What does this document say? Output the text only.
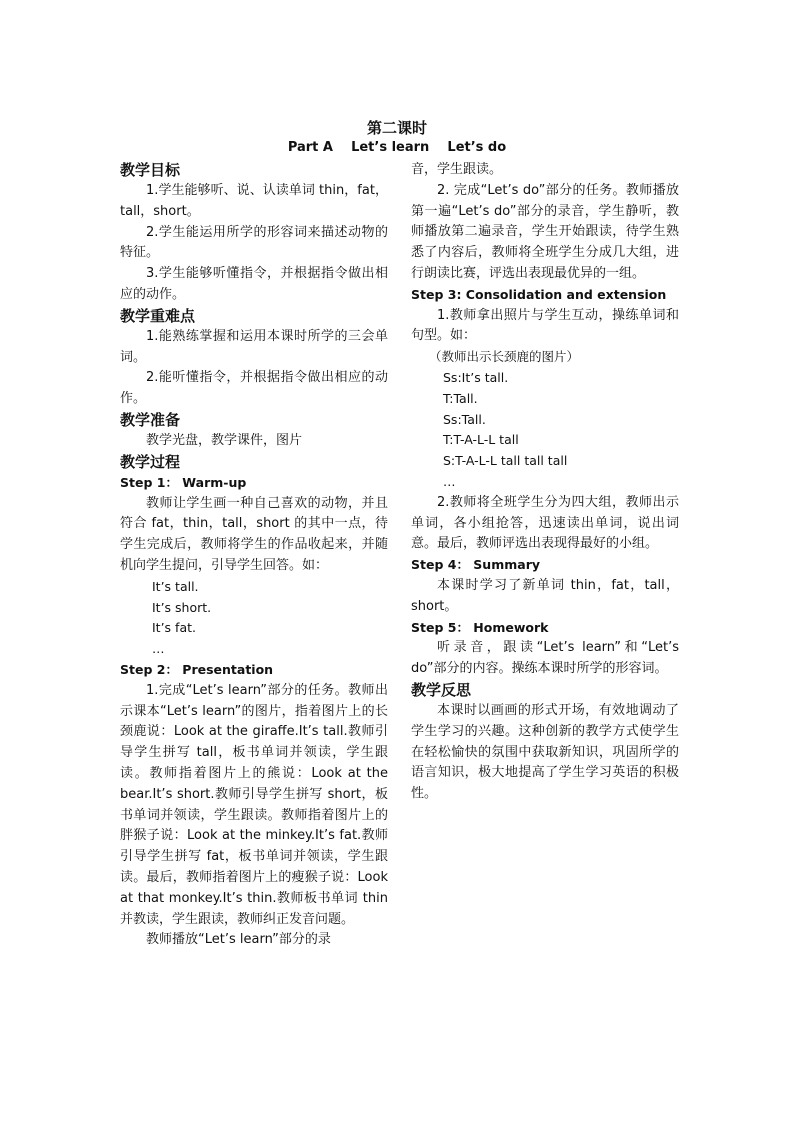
第二课时
Part A    Let’s learn    Let’s do
教学目标

1.学生能够听、说、认读单词 thin，fat，tall，short。

2.学生能运用所学的形容词来描述动物的特征。

3.学生能够听懂指令，并根据指令做出相应的动作。

教学重难点

1.能熟练掌握和运用本课时所学的三会单词。

2.能听懂指令，并根据指令做出相应的动作。

教学准备

教学光盘，教学课件，图片

教学过程
Step 1： Warm-up

教师让学生画一种自己喜欢的动物，并且符合 fat，thin，tall，short 的其中一点，待学生完成后，教师将学生的作品收起来，并随机向学生提问，引导学生回答。如：

It’s tall.

It’s short.

It’s fat.

…

Step 2： Presentation

1.完成“Let’s learn”部分的任务。教师出示课本“Let’s learn”的图片，指着图片上的长颈鹿说：Look at the giraffe.It’s tall.教师引导学生拼写 tall，板书单词并领读，学生跟读。教师指着图片上的熊说：Look at the bear.It’s short.教师引导学生拼写 short，板书单词并领读，学生跟读。教师指着图片上的胖猴子说：Look at the minkey.It’s fat.教师引导学生拼写 fat，板书单词并领读，学生跟读。最后，教师指着图片上的瘦猴子说：Look at that monkey.It’s thin.教师板书单词 thin 并教读，学生跟读，教师纠正发音问题。

教师播放“Let’s learn”部分的录

音，学生跟读。

2. 完成“Let’s do”部分的任务。教师播放第一遍“Let’s do”部分的录音，学生静听，教师播放第二遍录音，学生开始跟读，待学生熟悉了内容后，教师将全班学生分成几大组，进行朗读比赛，评选出表现最优异的一组。

Step 3: Consolidation and extension

1.教师拿出照片与学生互动，操练单词和句型。如：

（教师出示长颈鹿的图片）

Ss:It’s tall.

T:Tall.

Ss:Tall.

T:T-A-L-L tall

S:T-A-L-L tall tall tall

…

2.教师将全班学生分为四大组，教师出示单词，各小组抢答，迅速读出单词，说出词意。最后，教师评选出表现得最好的小组。

Step 4： Summary

本课时学习了新单词 thin，fat，tall，short。

Step 5： Homework

听录音，跟读“Let’s learn”和“Let’s do”部分的内容。操练本课时所学的形容词。

教学反思

本课时以画画的形式开场，有效地调动了学生学习的兴趣。这种创新的教学方式使学生在轻松愉快的氛围中获取新知识，巩固所学的语言知识，极大地提高了学生学习英语的积极性。
